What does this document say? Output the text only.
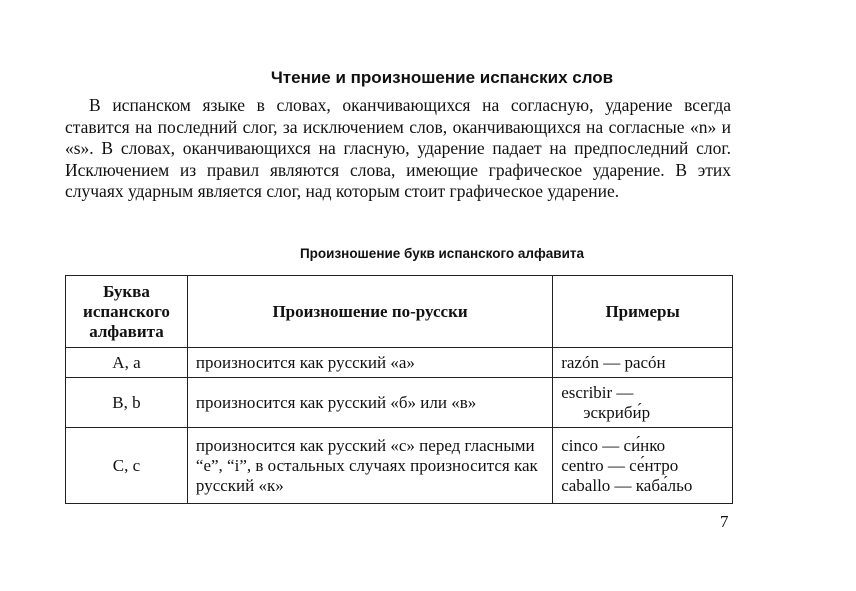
Чтение и произношение испанских слов

В испанском языке в словах, оканчивающихся на согласную, ударение всегда ставится на последний слог, за исключением слов, оканчивающихся на согласные «n» и «s». В словах, оканчивающихся на гласную, ударение падает на предпоследний слог. Исключением из правил являются слова, имеющие графическое ударение. В этих случаях ударным является слог, над которым стоит графическое ударение.

Произношение букв испанского алфавита
Буква
испанского
алфавита	Произношение по-русски	Примеры
A, a	произносится как русский «а»	razón — расóн

B, b	произносится как русский «б» или «в»	escribir —
эскриби́р

C, c	произносится как русский «с» перед гласными “е”, “i”, в остальных случаях произносится как русский «к»	cinco — си́нко
centro — се́нтро
caballo — каба́льо
7
